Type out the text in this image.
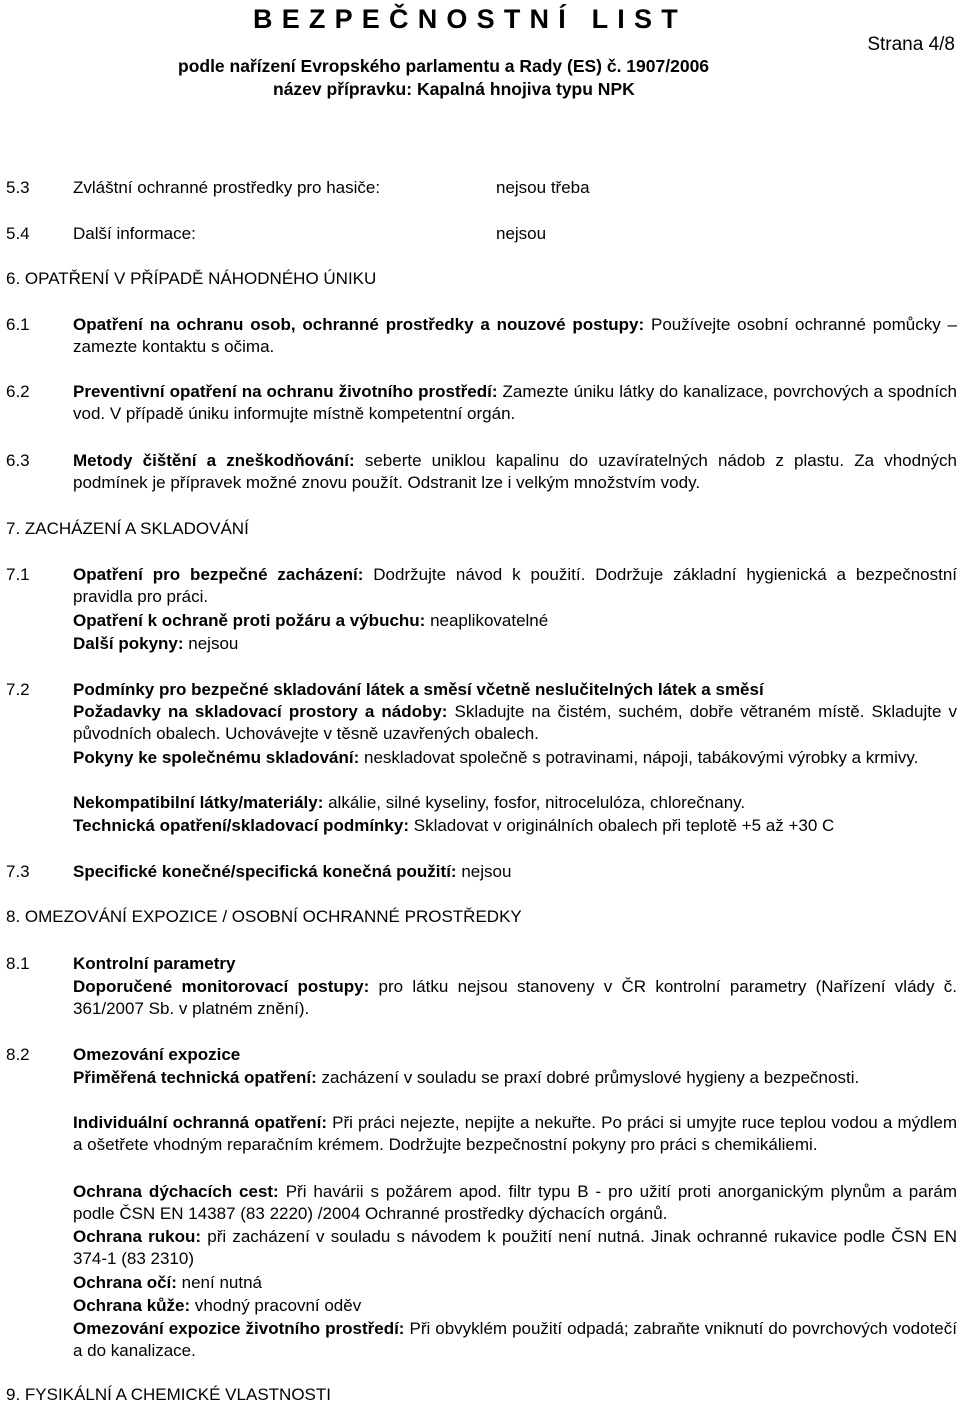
BEZPEČNOSTNÍ LIST
Strana 4/8
podle nařízení Evropského parlamentu a Rady (ES) č. 1907/2006
název přípravku: Kapalná hnojiva typu NPK
5.3	Zvláštní ochranné prostředky pro hasiče:	nejsou třeba
5.4	Další informace:	nejsou
6. OPATŘENÍ V PŘÍPADĚ NÁHODNÉHO ÚNIKU
6.1	Opatření na ochranu osob, ochranné prostředky a nouzové postupy: Používejte osobní ochranné pomůcky – zamezte kontaktu s očima.
6.2	Preventivní opatření na ochranu životního prostředí: Zamezte úniku látky do kanalizace, povrchových a spodních vod. V případě úniku informujte místně kompetentní orgán.
6.3	Metody čištění a zneškodňování: seberte uniklou kapalinu do uzavíratelných nádob z plastu. Za vhodných podmínek je přípravek možné znovu použít. Odstranit lze i velkým množstvím vody.
7. ZACHÁZENÍ A SKLADOVÁNÍ
7.1	Opatření pro bezpečné zacházení: Dodržujte návod k použití. Dodržuje základní hygienická a bezpečnostní pravidla pro práci.
Opatření k ochraně proti požáru a výbuchu: neaplikovatelné
Další pokyny: nejsou
7.2	Podmínky pro bezpečné skladování látek a směsí včetně neslučitelných látek a směsí
Požadavky na skladovací prostory a nádoby: Skladujte na čistém, suchém, dobře větraném místě. Skladujte v původních obalech. Uchovávejte v těsně uzavřených obalech.
Pokyny ke společnému skladování: neskladovat společně s potravinami, nápoji, tabákovými výrobky a krmivy.
Nekompatibilní látky/materiály: alkálie, silné kyseliny, fosfor, nitrocelulóza, chlorečnany.
Technická opatření/skladovací podmínky: Skladovat v originálních obalech při teplotě +5 až +30 C
7.3	Specifické konečné/specifická konečná použití: nejsou
8. OMEZOVÁNÍ EXPOZICE / OSOBNÍ OCHRANNÉ PROSTŘEDKY
8.1	Kontrolní parametry
Doporučené monitorovací postupy: pro látku nejsou stanoveny v ČR kontrolní parametry (Nařízení vlády č. 361/2007 Sb. v platném znění).
8.2	Omezování expozice
Přiměřená technická opatření: zacházení v souladu se praxí dobré průmyslové hygieny a bezpečnosti.
Individuální ochranná opatření: Při práci nejezte, nepijte a nekuřte. Po práci si umyjte ruce teplou vodou a mýdlem a ošetřete vhodným reparačním krémem. Dodržujte bezpečnostní pokyny pro práci s chemikáliemi.
Ochrana dýchacích cest: Při havárii s požárem apod. filtr typu B - pro užití proti anorganickým plynům a parám podle ČSN EN 14387 (83 2220) /2004 Ochranné prostředky dýchacích orgánů.
Ochrana rukou: při zacházení v souladu s návodem k použití není nutná. Jinak ochranné rukavice podle ČSN EN 374-1 (83 2310)
Ochrana očí: není nutná
Ochrana kůže: vhodný pracovní oděv
Omezování expozice životního prostředí: Při obvyklém použití odpadá; zabraňte vniknutí do povrchových vodotečí a do kanalizace.
9. FYSIKÁLNÍ A CHEMICKÉ VLASTNOSTI
